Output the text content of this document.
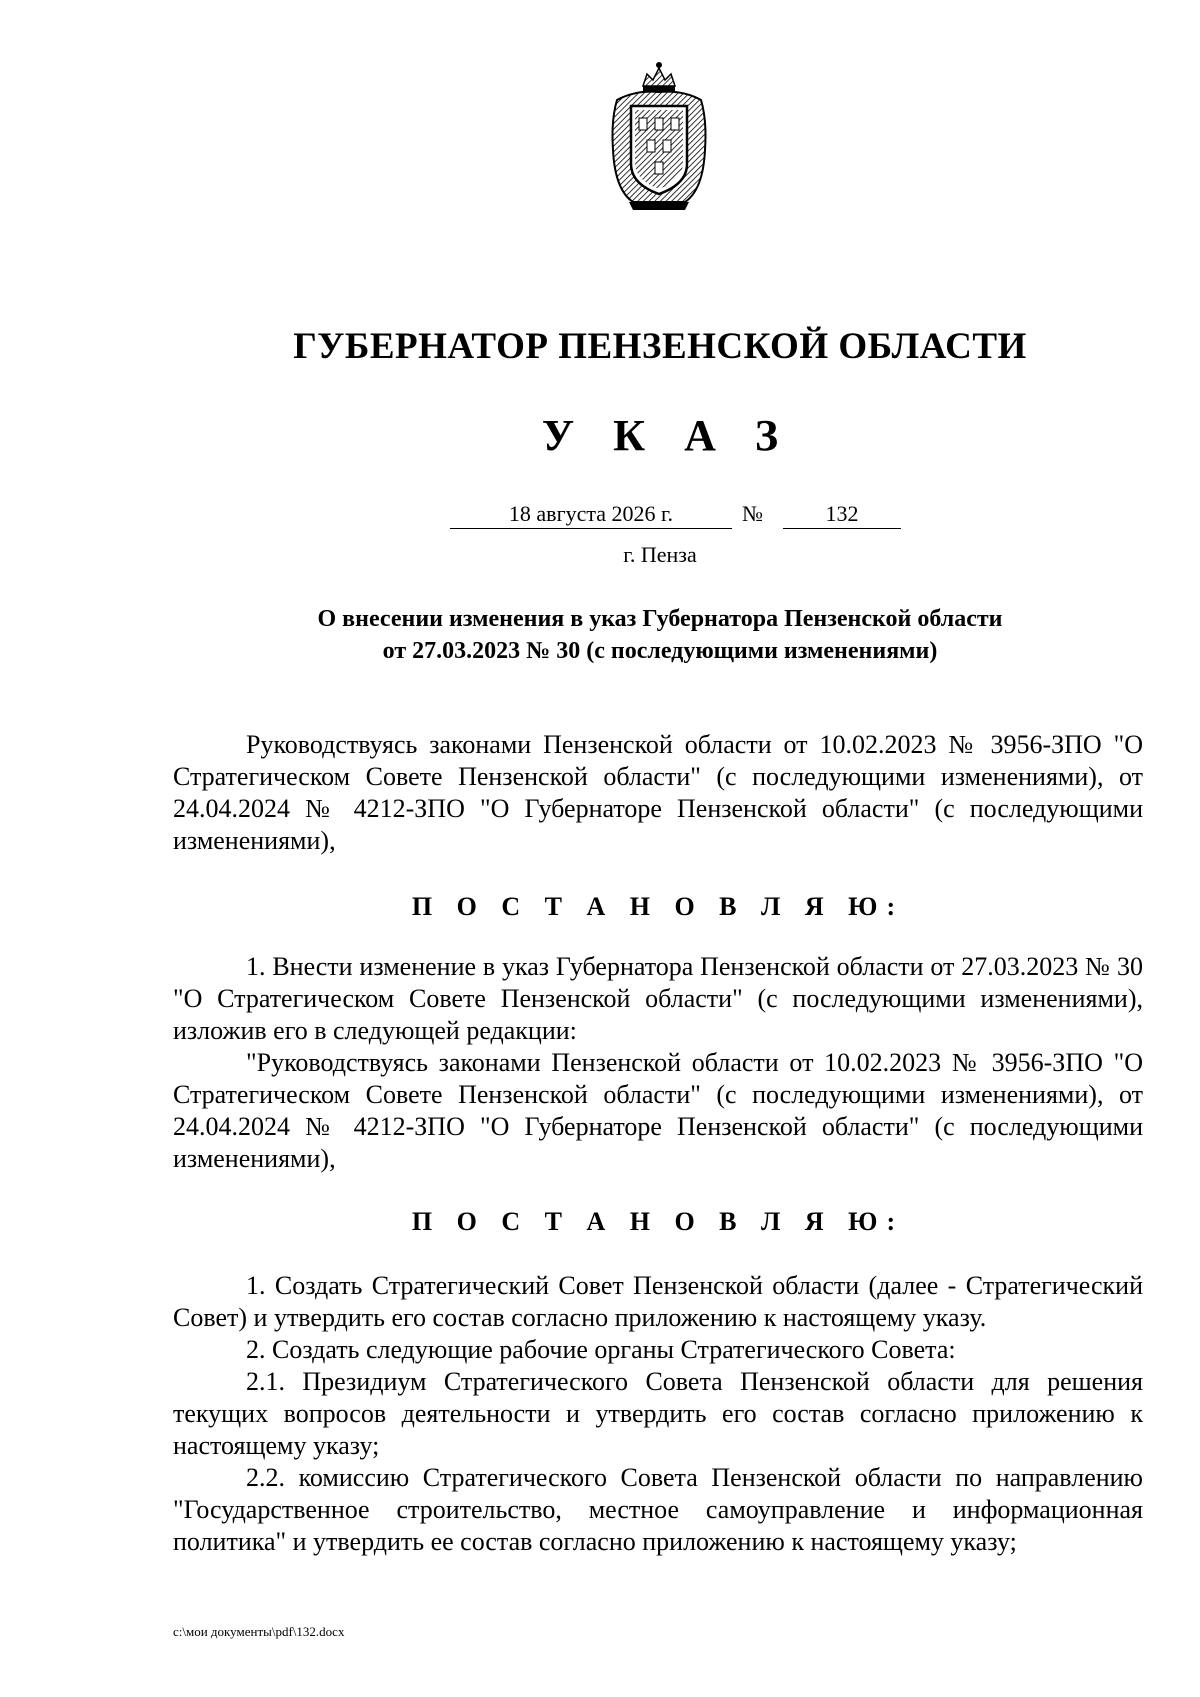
ГУБЕРНАТОР ПЕНЗЕНСКОЙ ОБЛАСТИ
У К А З
18 августа 2026 г.	№	132
г. Пенза
О внесении изменения в указ Губернатора Пензенской области
от 27.03.2023 № 30 (с последующими изменениями)

Руководствуясь законами Пензенской области от 10.02.2023 № 3956-ЗПО "О Стратегическом Совете Пензенской области" (с последующими изменениями), от 24.04.2024 № 4212-ЗПО "О Губернаторе Пензенской области" (с последующими изменениями),

П О С Т А Н О В Л Я Ю:

1. Внести изменение в указ Губернатора Пензенской области от 27.03.2023 № 30 "О Стратегическом Совете Пензенской области" (с последующими изменениями), изложив его в следующей редакции:

"Руководствуясь законами Пензенской области от 10.02.2023 № 3956-ЗПО "О Стратегическом Совете Пензенской области" (с последующими изменениями), от 24.04.2024 № 4212-ЗПО "О Губернаторе Пензенской области" (с последующими изменениями),

П О С Т А Н О В Л Я Ю:

1. Создать Стратегический Совет Пензенской области (далее - Стратегический Совет) и утвердить его состав согласно приложению к настоящему указу.

2. Создать следующие рабочие органы Стратегического Совета:

2.1. Президиум Стратегического Совета Пензенской области для решения текущих вопросов деятельности и утвердить его состав согласно приложению к настоящему указу;

2.2. комиссию Стратегического Совета Пензенской области по направлению "Государственное строительство, местное самоуправление и информационная политика" и утвердить ее состав согласно приложению к настоящему указу;

c:\мои документы\pdf\132.docx
